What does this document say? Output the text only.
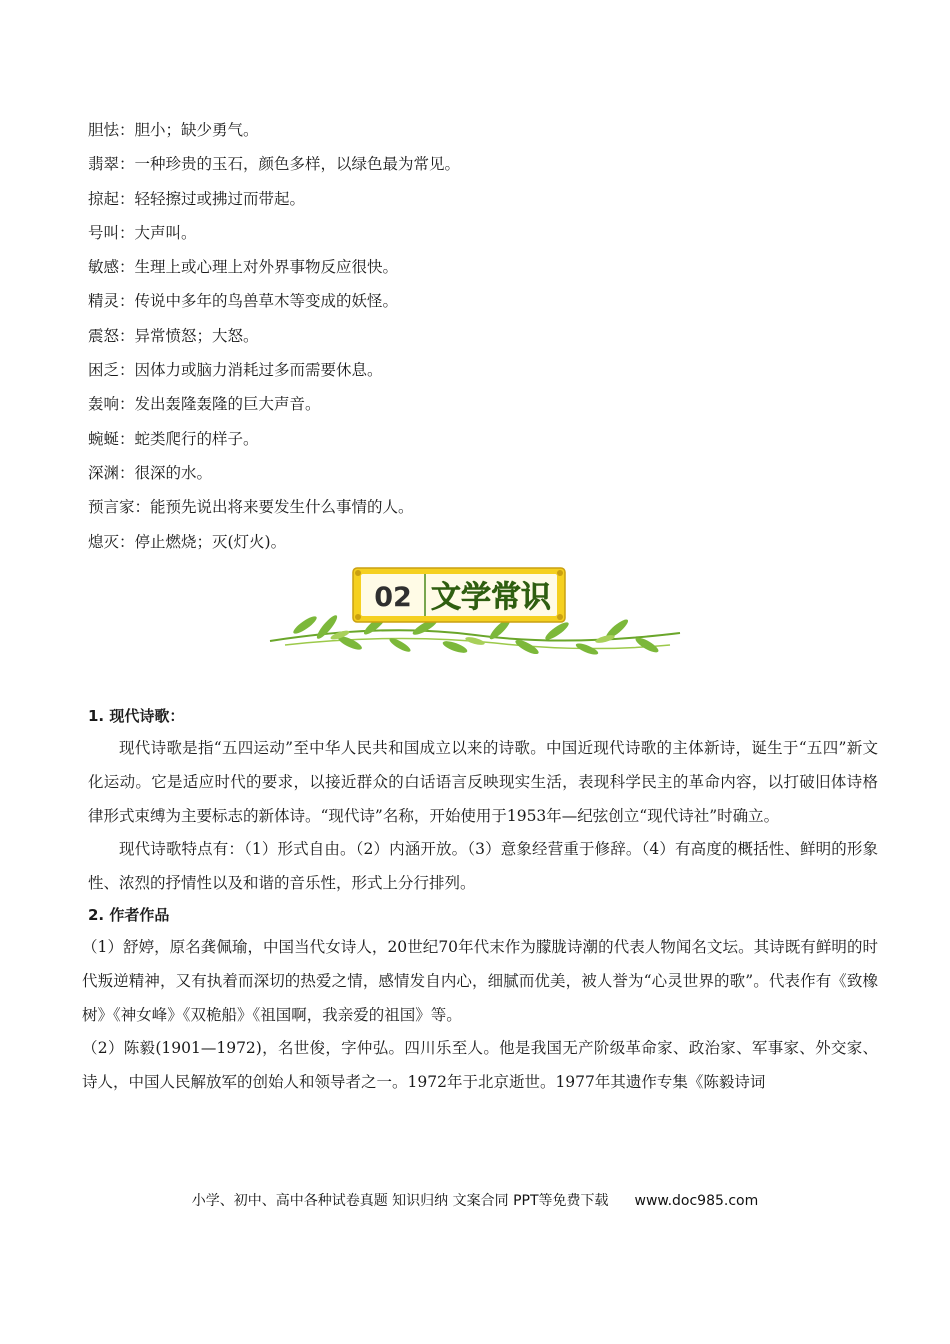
胆怯：胆小；缺少勇气。
翡翠：一种珍贵的玉石，颜色多样，以绿色最为常见。
掠起：轻轻擦过或拂过而带起。
号叫：大声叫。
敏感：生理上或心理上对外界事物反应很快。
精灵：传说中多年的鸟兽草木等变成的妖怪。
震怒：异常愤怒；大怒。
困乏：因体力或脑力消耗过多而需要休息。
轰响：发出轰隆轰隆的巨大声音。
蜿蜒：蛇类爬行的样子。
深渊：很深的水。
预言家：能预先说出将来要发生什么事情的人。
熄灭：停止燃烧；灭(灯火)。
02 文学常识
1. 现代诗歌：

现代诗歌是指“五四运动”至中华人民共和国成立以来的诗歌。中国近现代诗歌的主体新诗，诞生于“五四”新文化运动。它是适应时代的要求，以接近群众的白话语言反映现实生活，表现科学民主的革命内容，以打破旧体诗格律形式束缚为主要标志的新体诗。“现代诗”名称，开始使用于1953年—纪弦创立“现代诗社”时确立。

现代诗歌特点有：（1）形式自由。（2）内涵开放。（3）意象经营重于修辞。（4）有高度的概括性、鲜明的形象性、浓烈的抒情性以及和谐的音乐性，形式上分行排列。

2. 作者作品

（1）舒婷，原名龚佩瑜，中国当代女诗人，20世纪70年代末作为朦胧诗潮的代表人物闻名文坛。其诗既有鲜明的时代叛逆精神，又有执着而深切的热爱之情，感情发自内心，细腻而优美，被人誉为“心灵世界的歌”。代表作有《致橡树》《神女峰》《双桅船》《祖国啊，我亲爱的祖国》等。

（2）陈毅(1901—1972)，名世俊，字仲弘。四川乐至人。他是我国无产阶级革命家、政治家、军事家、外交家、诗人，中国人民解放军的创始人和领导者之一。1972年于北京逝世。1977年其遗作专集《陈毅诗词

小学、初中、高中各种试卷真题 知识归纳 文案合同 PPT等免费下载 www.doc985.com
